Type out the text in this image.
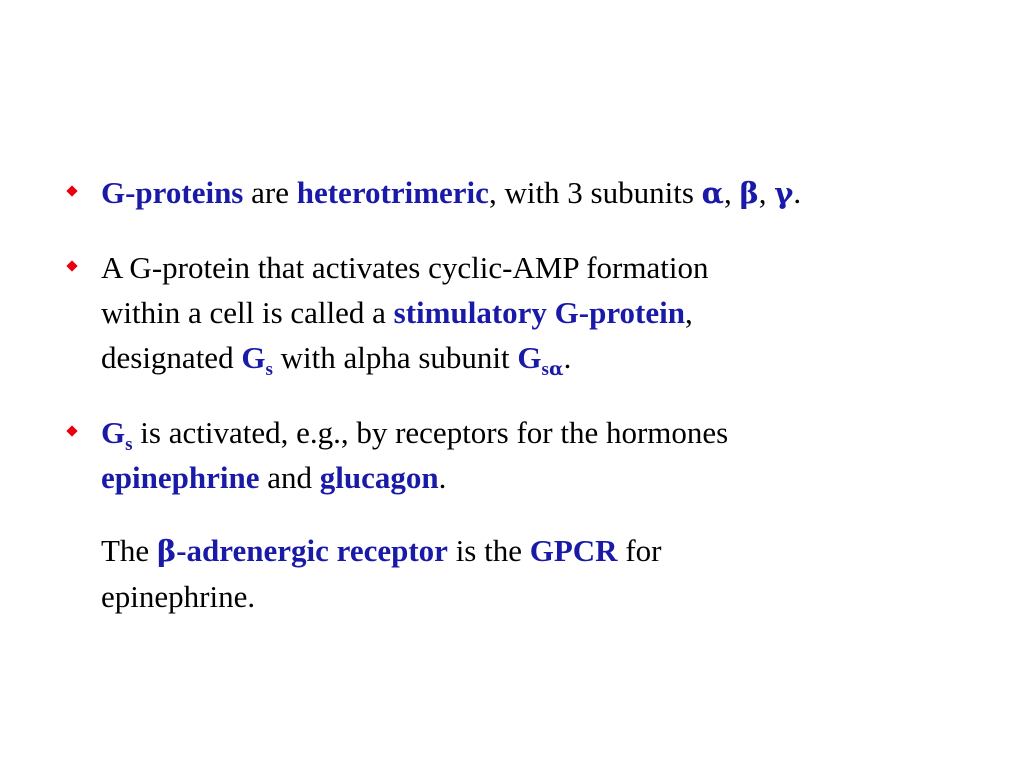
G-proteins are heterotrimeric, with 3 subunits α, β, γ.
A G-protein that activates cyclic-AMP formation
within a cell is called a stimulatory G-protein,
designated $G_s$ with alpha subunit $G_{s\alpha}$.
$G_s$ is activated, e.g., by receptors for the hormones
epinephrine and glucagon.
The β-adrenergic receptor is the GPCR for
epinephrine.
